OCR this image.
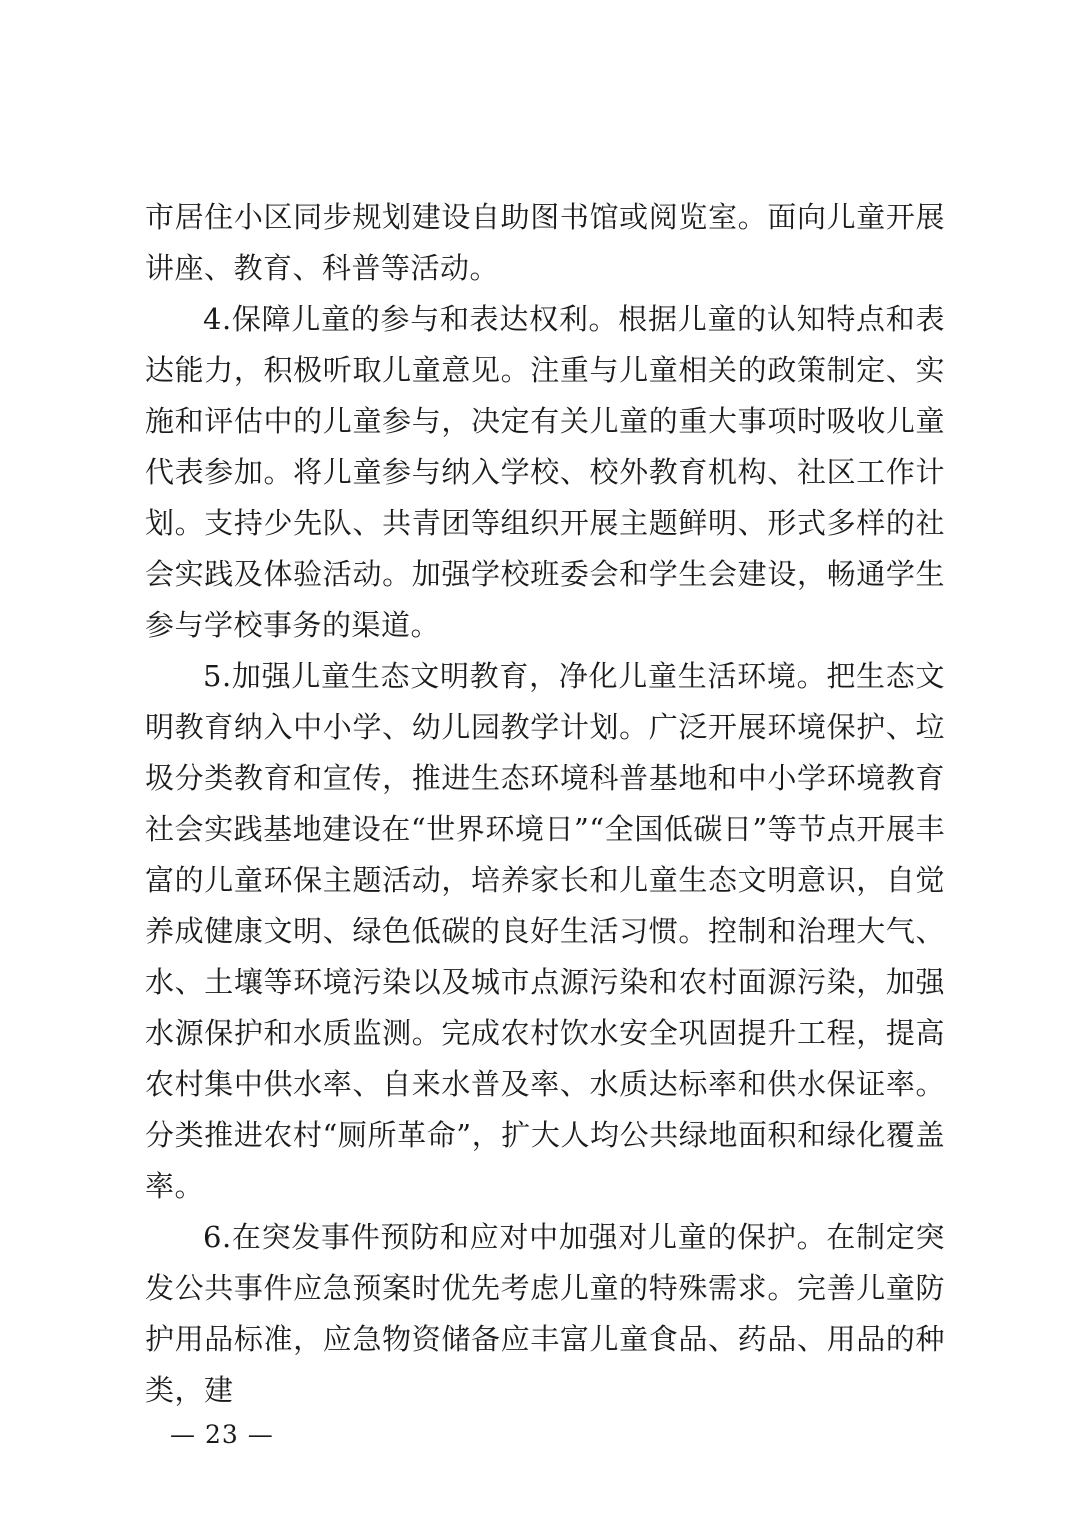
市居住小区同步规划建设自助图书馆或阅览室。面向儿童开展讲座、教育、科普等活动。

4.保障儿童的参与和表达权利。根据儿童的认知特点和表达能力，积极听取儿童意见。注重与儿童相关的政策制定、实施和评估中的儿童参与，决定有关儿童的重大事项时吸收儿童代表参加。将儿童参与纳入学校、校外教育机构、社区工作计划。支持少先队、共青团等组织开展主题鲜明、形式多样的社会实践及体验活动。加强学校班委会和学生会建设，畅通学生参与学校事务的渠道。

5.加强儿童生态文明教育，净化儿童生活环境。把生态文明教育纳入中小学、幼儿园教学计划。广泛开展环境保护、垃圾分类教育和宣传，推进生态环境科普基地和中小学环境教育社会实践基地建设在“世界环境日”“全国低碳日”等节点开展丰富的儿童环保主题活动，培养家长和儿童生态文明意识，自觉养成健康文明、绿色低碳的良好生活习惯。控制和治理大气、水、土壤等环境污染以及城市点源污染和农村面源污染，加强水源保护和水质监测。完成农村饮水安全巩固提升工程，提高农村集中供水率、自来水普及率、水质达标率和供水保证率。分类推进农村“厕所革命”，扩大人均公共绿地面积和绿化覆盖率。

6.在突发事件预防和应对中加强对儿童的保护。在制定突发公共事件应急预案时优先考虑儿童的特殊需求。完善儿童防护用品标准，应急物资储备应丰富儿童食品、药品、用品的种类，建

— 23 —
